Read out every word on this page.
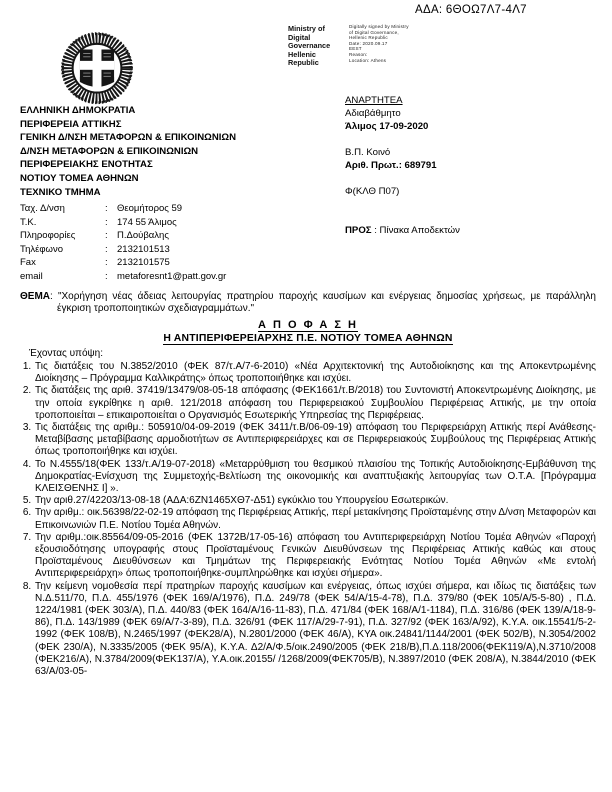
ΑΔΑ: 6ΘΟΩ7Λ7-4Λ7
Ministry of Digital
Governance
Hellenic Republic
Digitally signed by Ministry
of Digital Governance,
Hellenic Republic
Date: 2020.09.17
EEST
Reason:
Location: Athens
ΕΛΛΗΝΙΚΗ ΔΗΜΟΚΡΑΤΙΑ
ΠΕΡΙΦΕΡΕΙΑ ΑΤΤΙΚΗΣ
ΓΕΝΙΚΗ Δ/ΝΣΗ ΜΕΤΑΦΟΡΩΝ & ΕΠΙΚΟΙΝΩΝΙΩΝ
Δ/ΝΣΗ ΜΕΤΑΦΟΡΩΝ & ΕΠΙΚΟΙΝΩΝΙΩΝ
ΠΕΡΙΦΕΡΕΙΑΚΗΣ ΕΝΟΤΗΤΑΣ
ΝΟΤΙΟΥ ΤΟΜΕΑ ΑΘΗΝΩΝ
ΤΕΧΝΙΚΟ ΤΜΗΜΑ
Ταχ. Δ/νση	: Θεομήτορος 59
Τ.Κ.	: 174 55 Άλιμος
Πληροφορίες	: Π.Δούβαλης
Τηλέφωνο	: 2132101513
Fax	: 2132101575
email	: metaforesnt1@patt.gov.gr
ΑΝΑΡΤΗΤΕΑ
Αδιαβάθμητο
Άλιμος 17-09-2020
Β.Π. Κοινό
Αριθ. Πρωτ.: 689791
Φ(ΚΛΘ Π07)
ΠΡΟΣ : Πίνακα Αποδεκτών

ΘΕΜΑ: "Χορήγηση νέας άδειας λειτουργίας πρατηρίου παροχής καυσίμων και ενέργειας δημοσίας χρήσεως, με παράλληλη έγκριση τροποποιητικών σχεδιαγραμμάτων."

Α Π Ο Φ Α Σ Η
Η ΑΝΤΙΠΕΡΙΦΕΡΕΙΑΡΧΗΣ Π.Ε. ΝΟΤΙΟΥ ΤΟΜΕΑ ΑΘΗΝΩΝ
Έχοντας υπόψη:
1. Τις διατάξεις του Ν.3852/2010 (ΦΕΚ 87/τ.Α/7-6-2010) «Νέα Αρχιτεκτονική της Αυτοδιοίκησης και της Αποκεντρωμένης Διοίκησης – Πρόγραμμα Καλλικράτης» όπως τροποποιήθηκε και ισχύει.
2. Τις διατάξεις της αριθ. 37419/13479/08-05-18 απόφασης (ΦΕΚ1661/τ.Β/2018) του Συντονιστή Αποκεντρωμένης Διοίκησης, με την οποία εγκρίθηκε η αριθ. 121/2018 απόφαση του Περιφερειακού Συμβουλίου Περιφέρειας Αττικής, με την οποία τροποποιείται – επικαιροποιείται ο Οργανισμός Εσωτερικής Υπηρεσίας της Περιφέρειας.
3. Τις διατάξεις της αριθμ.: 505910/04-09-2019 (ΦΕΚ 3411/τ.Β/06-09-19) απόφαση του Περιφερειάρχη Αττικής περί Ανάθεσης-Μεταβίβασης μεταβίβασης αρμοδιοτήτων σε Αντιπεριφερειάρχες και σε Περιφερειακούς Συμβούλους της Περιφέρειας Αττικής όπως τροποποιήθηκε και ισχύει.
4. Το Ν.4555/18(ΦΕΚ 133/τ.Α/19-07-2018) «Μεταρρύθμιση του θεσμικού πλαισίου της Τοπικής Αυτοδιοίκησης-Εμβάθυνση της Δημοκρατίας-Ενίσχυση της Συμμετοχής-Βελτίωση της οικονομικής και αναπτυξιακής λειτουργίας των Ο.Τ.Α. [Πρόγραμμα ΚΛΕΙΣΘΕΝΗΣ Ι] ».
5. Την αριθ.27/42203/13-08-18 (ΑΔΑ:6ΖΝ1465ΧΘ7-Δ51) εγκύκλιο του Υπουργείου Εσωτερικών.
6. Την αριθμ.: οικ.56398/22-02-19 απόφαση της Περιφέρειας Αττικής, περί μετακίνησης Προϊσταμένης στην Δ/νση Μεταφορών και Επικοινωνιών Π.Ε. Νοτίου Τομέα Αθηνών.
7. Την αριθμ.:οικ.85564/09-05-2016 (ΦΕΚ 1372Β/17-05-16) απόφαση του Αντιπεριφερειάρχη Νοτίου Τομέα Αθηνών «Παροχή εξουσιοδότησης υπογραφής στους Προϊσταμένους Γενικών Διευθύνσεων της Περιφέρειας Αττικής καθώς και στους Προϊσταμένους Διευθύνσεων και Τμημάτων της Περιφερειακής Ενότητας Νοτίου Τομέα Αθηνών «Με εντολή Αντιπεριφερειάρχη» όπως τροποποιήθηκε-συμπληρώθηκε και ισχύει σήμερα».
8. Την κείμενη νομοθεσία περί πρατηρίων παροχής καυσίμων και ενέργειας, όπως ισχύει σήμερα, και ιδίως τις διατάξεις των Ν.Δ.511/70, Π.Δ. 455/1976 (ΦΕΚ 169/Α/1976), Π.Δ. 249/78 (ΦΕΚ 54/Α/15-4-78), Π.Δ. 379/80 (ΦΕΚ 105/Α/5-5-80) , Π.Δ. 1224/1981 (ΦΕΚ 303/Α), Π.Δ. 440/83 (ΦΕΚ 164/Α/16-11-83), Π.Δ. 471/84 (ΦΕΚ 168/Α/1-1184), Π.Δ. 316/86 (ΦΕΚ 139/Α/18-9-86), Π.Δ. 143/1989 (ΦΕΚ 69/Α/7-3-89), Π.Δ. 326/91 (ΦΕΚ 117/Α/29-7-91), Π.Δ. 327/92 (ΦΕΚ 163/Α/92), Κ.Υ.Α. οικ.15541/5-2-1992 (ΦΕΚ 108/Β), Ν.2465/1997 (ΦΕΚ28/Α), Ν.2801/2000 (ΦΕΚ 46/Α), ΚΥΑ οικ.24841/1144/2001 (ΦΕΚ 502/Β), Ν.3054/2002 (ΦΕΚ 230/Α), Ν.3335/2005 (ΦΕΚ 95/Α), Κ.Υ.Α. Δ2/Α/Φ.5/οικ.2490/2005 (ΦΕΚ 218/Β),Π.Δ.118/2006(ΦΕΚ119/Α),Ν.3710/2008 (ΦΕΚ216/Α), Ν.3784/2009(ΦΕΚ137/Α), Υ.Α.οικ.20155/ /1268/2009(ΦΕΚ705/Β), Ν.3897/2010 (ΦΕΚ 208/Α), Ν.3844/2010 (ΦΕΚ 63/Α/03-05-
